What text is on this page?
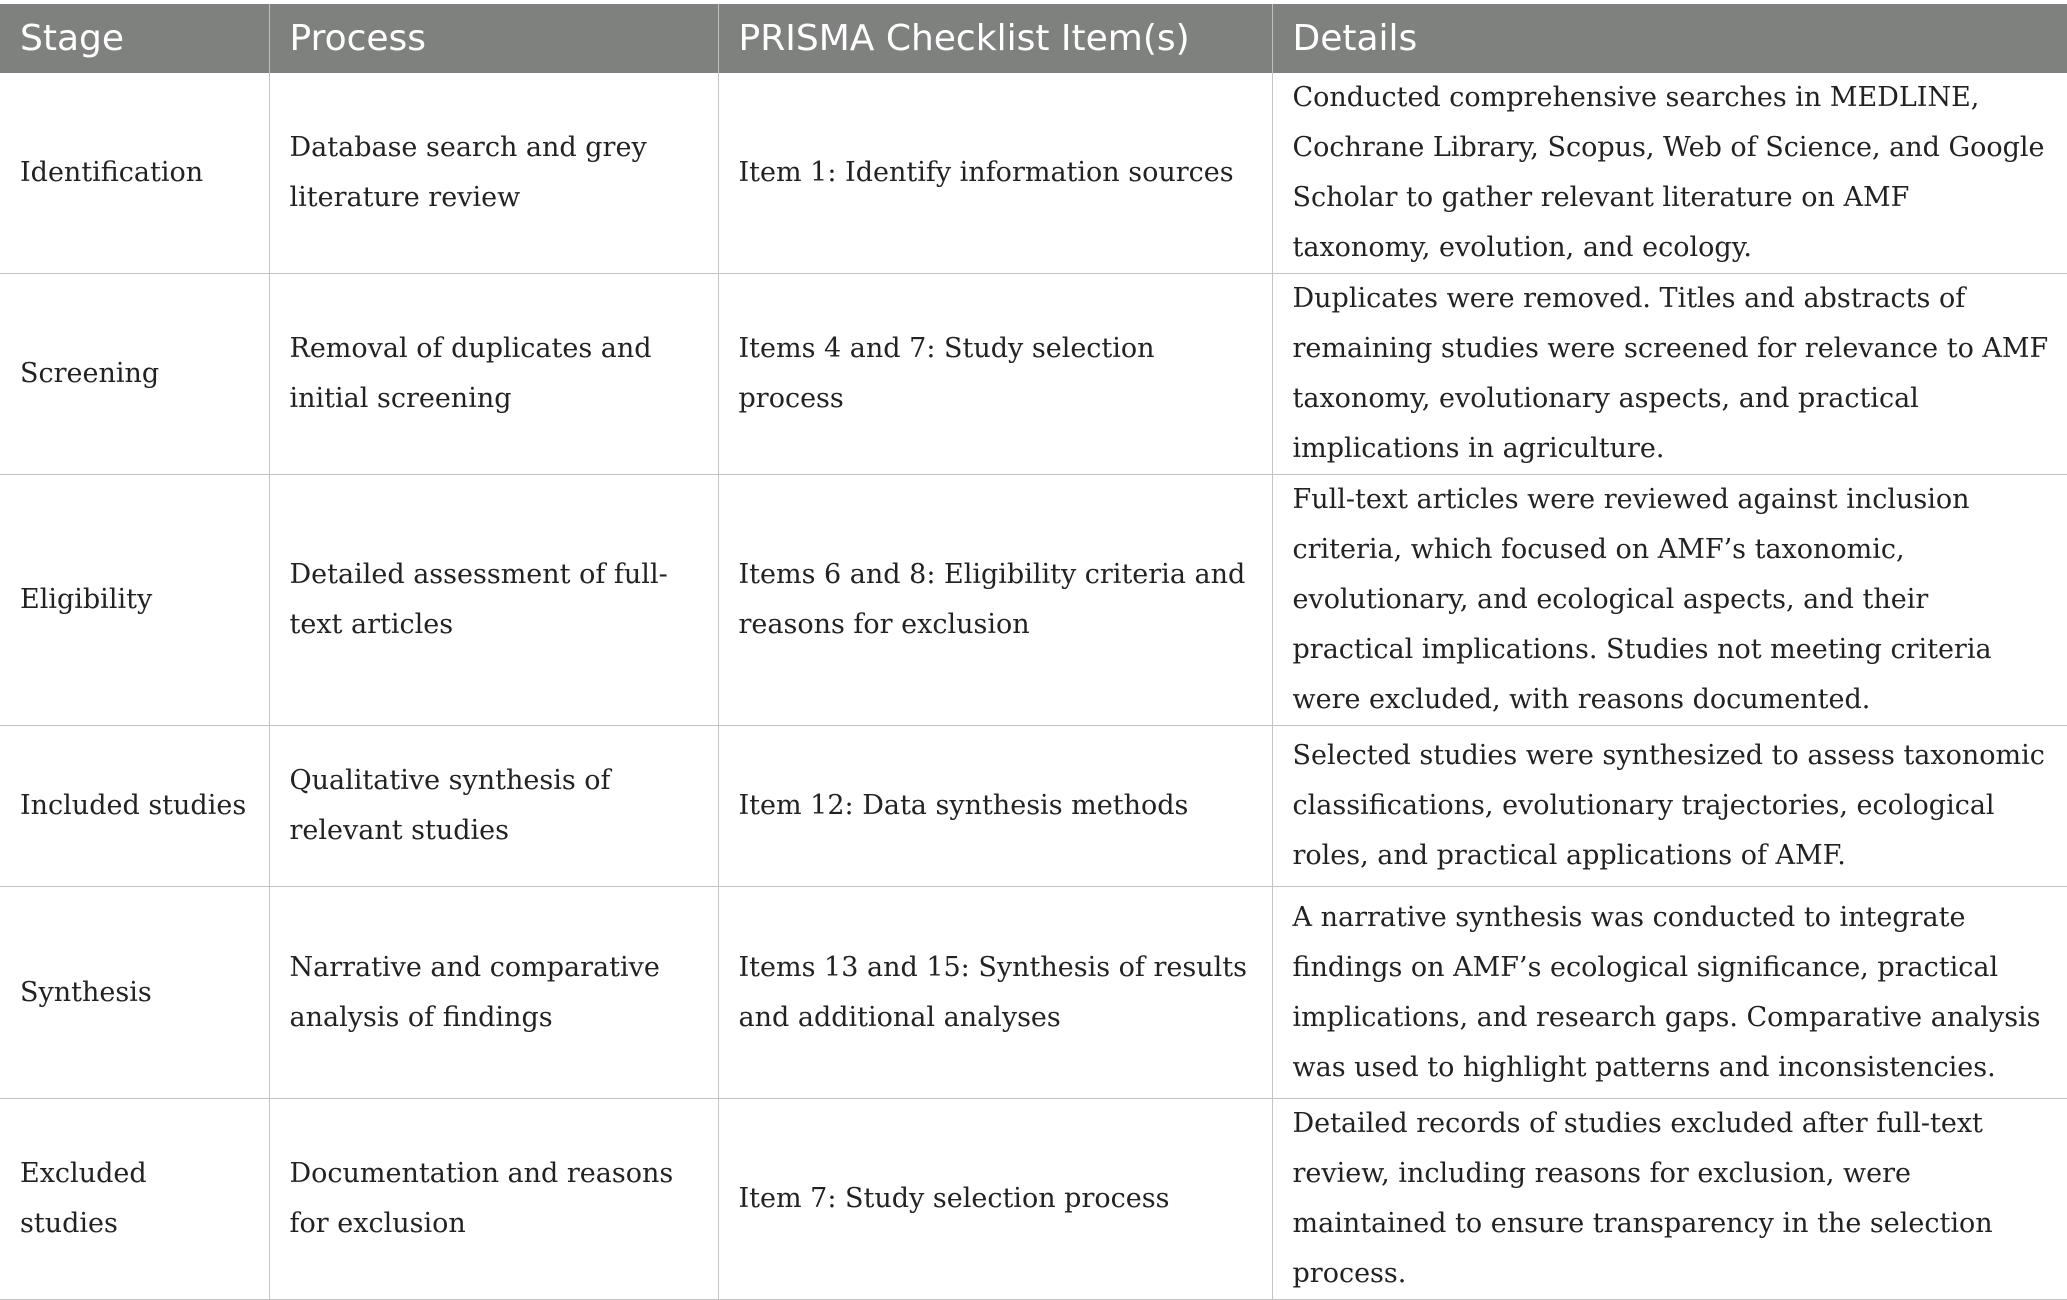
Stage	Process	PRISMA Checklist Item(s)	Details
Identification	Database search and grey literature review	Item 1: Identify information sources	Conducted comprehensive searches in MEDLINE, Cochrane Library, Scopus, Web of Science, and Google Scholar to gather relevant literature on AMF taxonomy, evolution, and ecology.
Screening	Removal of duplicates and initial screening	Items 4 and 7: Study selection process	Duplicates were removed. Titles and abstracts of remaining studies were screened for relevance to AMF taxonomy, evolutionary aspects, and practical implications in agriculture.
Eligibility	Detailed assessment of full-text articles	Items 6 and 8: Eligibility criteria and reasons for exclusion	Full-text articles were reviewed against inclusion criteria, which focused on AMF’s taxonomic, evolutionary, and ecological aspects, and their practical implications. Studies not meeting criteria were excluded, with reasons documented.
Included studies	Qualitative synthesis of relevant studies	Item 12: Data synthesis methods	Selected studies were synthesized to assess taxonomic classifications, evolutionary trajectories, ecological roles, and practical applications of AMF.
Synthesis	Narrative and comparative analysis of findings	Items 13 and 15: Synthesis of results and additional analyses	A narrative synthesis was conducted to integrate findings on AMF’s ecological significance, practical implications, and research gaps. Comparative analysis was used to highlight patterns and inconsistencies.
Excluded studies	Documentation and reasons for exclusion	Item 7: Study selection process	Detailed records of studies excluded after full-text review, including reasons for exclusion, were maintained to ensure transparency in the selection process.
